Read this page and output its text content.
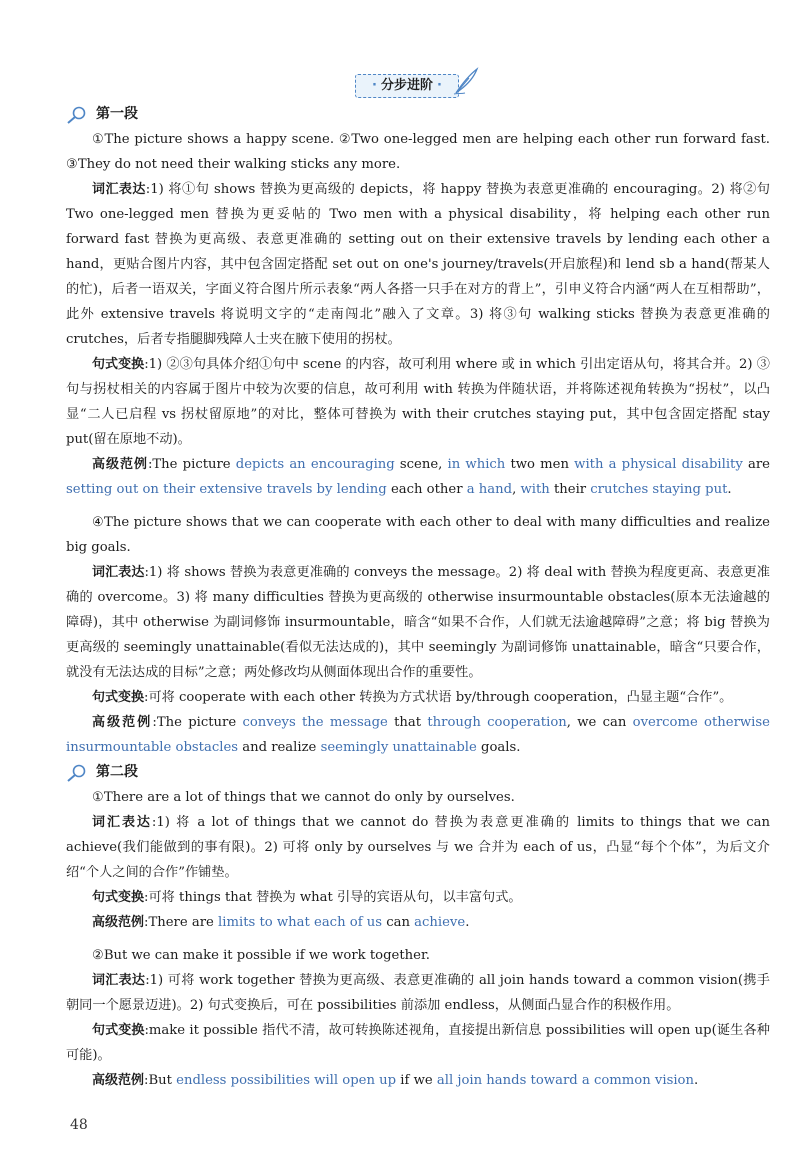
· 分步进阶 ·
第一段

①The picture shows a happy scene. ②Two one-legged men are helping each other run forward fast. ③They do not need their walking sticks any more.

词汇表达:1) 将①句 shows 替换为更高级的 depicts，将 happy 替换为表意更准确的 encouraging。2) 将②句 Two one-legged men 替换为更妥帖的 Two men with a physical disability，将 helping each other run forward fast 替换为更高级、表意更准确的 setting out on their extensive travels by lending each other a hand，更贴合图片内容，其中包含固定搭配 set out on one's journey/travels(开启旅程)和 lend sb a hand(帮某人的忙)，后者一语双关，字面义符合图片所示表象“两人各搭一只手在对方的背上”，引申义符合内涵“两人在互相帮助”，此外 extensive travels 将说明文字的“走南闯北”融入了文章。3) 将③句 walking sticks 替换为表意更准确的 crutches，后者专指腿脚残障人士夹在腋下使用的拐杖。

句式变换:1) ②③句具体介绍①句中 scene 的内容，故可利用 where 或 in which 引出定语从句，将其合并。2) ③句与拐杖相关的内容属于图片中较为次要的信息，故可利用 with 转换为伴随状语，并将陈述视角转换为“拐杖”，以凸显“二人已启程 vs 拐杖留原地”的对比，整体可替换为 with their crutches staying put，其中包含固定搭配 stay put(留在原地不动)。

高级范例:The picture depicts an encouraging scene, in which two men with a physical disability are setting out on their extensive travels by lending each other a hand, with their crutches staying put.

④The picture shows that we can cooperate with each other to deal with many difficulties and realize big goals.

词汇表达:1) 将 shows 替换为表意更准确的 conveys the message。2) 将 deal with 替换为程度更高、表意更准确的 overcome。3) 将 many difficulties 替换为更高级的 otherwise insurmountable obstacles(原本无法逾越的障碍)，其中 otherwise 为副词修饰 insurmountable，暗含“如果不合作，人们就无法逾越障碍”之意；将 big 替换为更高级的 seemingly unattainable(看似无法达成的)，其中 seemingly 为副词修饰 unattainable，暗含“只要合作，就没有无法达成的目标”之意；两处修改均从侧面体现出合作的重要性。

句式变换:可将 cooperate with each other 转换为方式状语 by/through cooperation，凸显主题“合作”。

高级范例:The picture conveys the message that through cooperation, we can overcome otherwise insurmountable obstacles and realize seemingly unattainable goals.

第二段

①There are a lot of things that we cannot do only by ourselves.

词汇表达:1) 将 a lot of things that we cannot do 替换为表意更准确的 limits to things that we can achieve(我们能做到的事有限)。2) 可将 only by ourselves 与 we 合并为 each of us，凸显“每个个体”，为后文介绍“个人之间的合作”作铺垫。

句式变换:可将 things that 替换为 what 引导的宾语从句，以丰富句式。

高级范例:There are limits to what each of us can achieve.

②But we can make it possible if we work together.

词汇表达:1) 可将 work together 替换为更高级、表意更准确的 all join hands toward a common vision(携手朝同一个愿景迈进)。2) 句式变换后，可在 possibilities 前添加 endless，从侧面凸显合作的积极作用。

句式变换:make it possible 指代不清，故可转换陈述视角，直接提出新信息 possibilities will open up(诞生各种可能)。

高级范例:But endless possibilities will open up if we all join hands toward a common vision.

48
